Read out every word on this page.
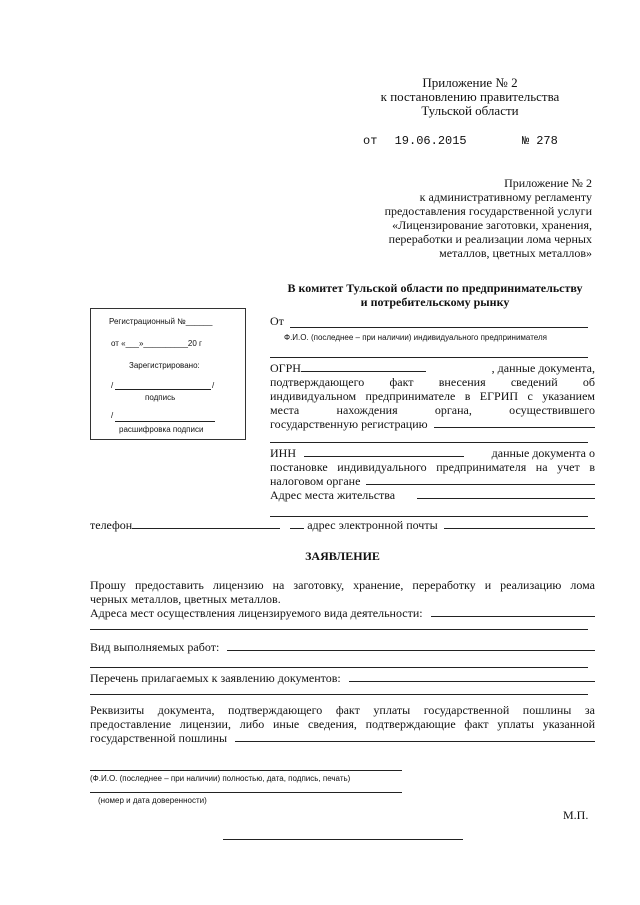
Приложение № 2
к постановлению правительства
Тульской области
от 19.06.2015	№ 278
Приложение № 2
к административному регламенту
предоставления государственной услуги
«Лицензирование заготовки, хранения,
переработки и реализации лома черных
металлов, цветных металлов»
В комитет Тульской области по предпринимательству
и потребительскому рынку
Регистрационный №______
от «___»__________20 г
Зарегистрировано:
/	/
подпись
/
расшифровка подписи
От
Ф.И.О. (последнее – при наличии) индивидуального предпринимателя
ОГРН	, данные документа,
подтверждающего факт внесения сведений об
индивидуальном предпринимателе в ЕГРИП с указанием
места нахождения органа, осуществившего
государственную регистрацию
ИНН	данные документа о
постановке индивидуального предпринимателя на учет в
налоговом органе
Адрес места жительства
телефон	адрес электронной почты
ЗАЯВЛЕНИЕ
Прошу предоставить лицензию на заготовку, хранение, переработку и реализацию лома
черных металлов, цветных металлов.
Адреса мест осуществления лицензируемого вида деятельности:
Вид выполняемых работ:
Перечень прилагаемых к заявлению документов:
Реквизиты документа, подтверждающего факт уплаты государственной пошлины за
предоставление лицензии, либо иные сведения, подтверждающие факт уплаты указанной
государственной пошлины
(Ф.И.О. (последнее – при наличии) полностью, дата, подпись, печать)
(номер и дата доверенности)
М.П.
